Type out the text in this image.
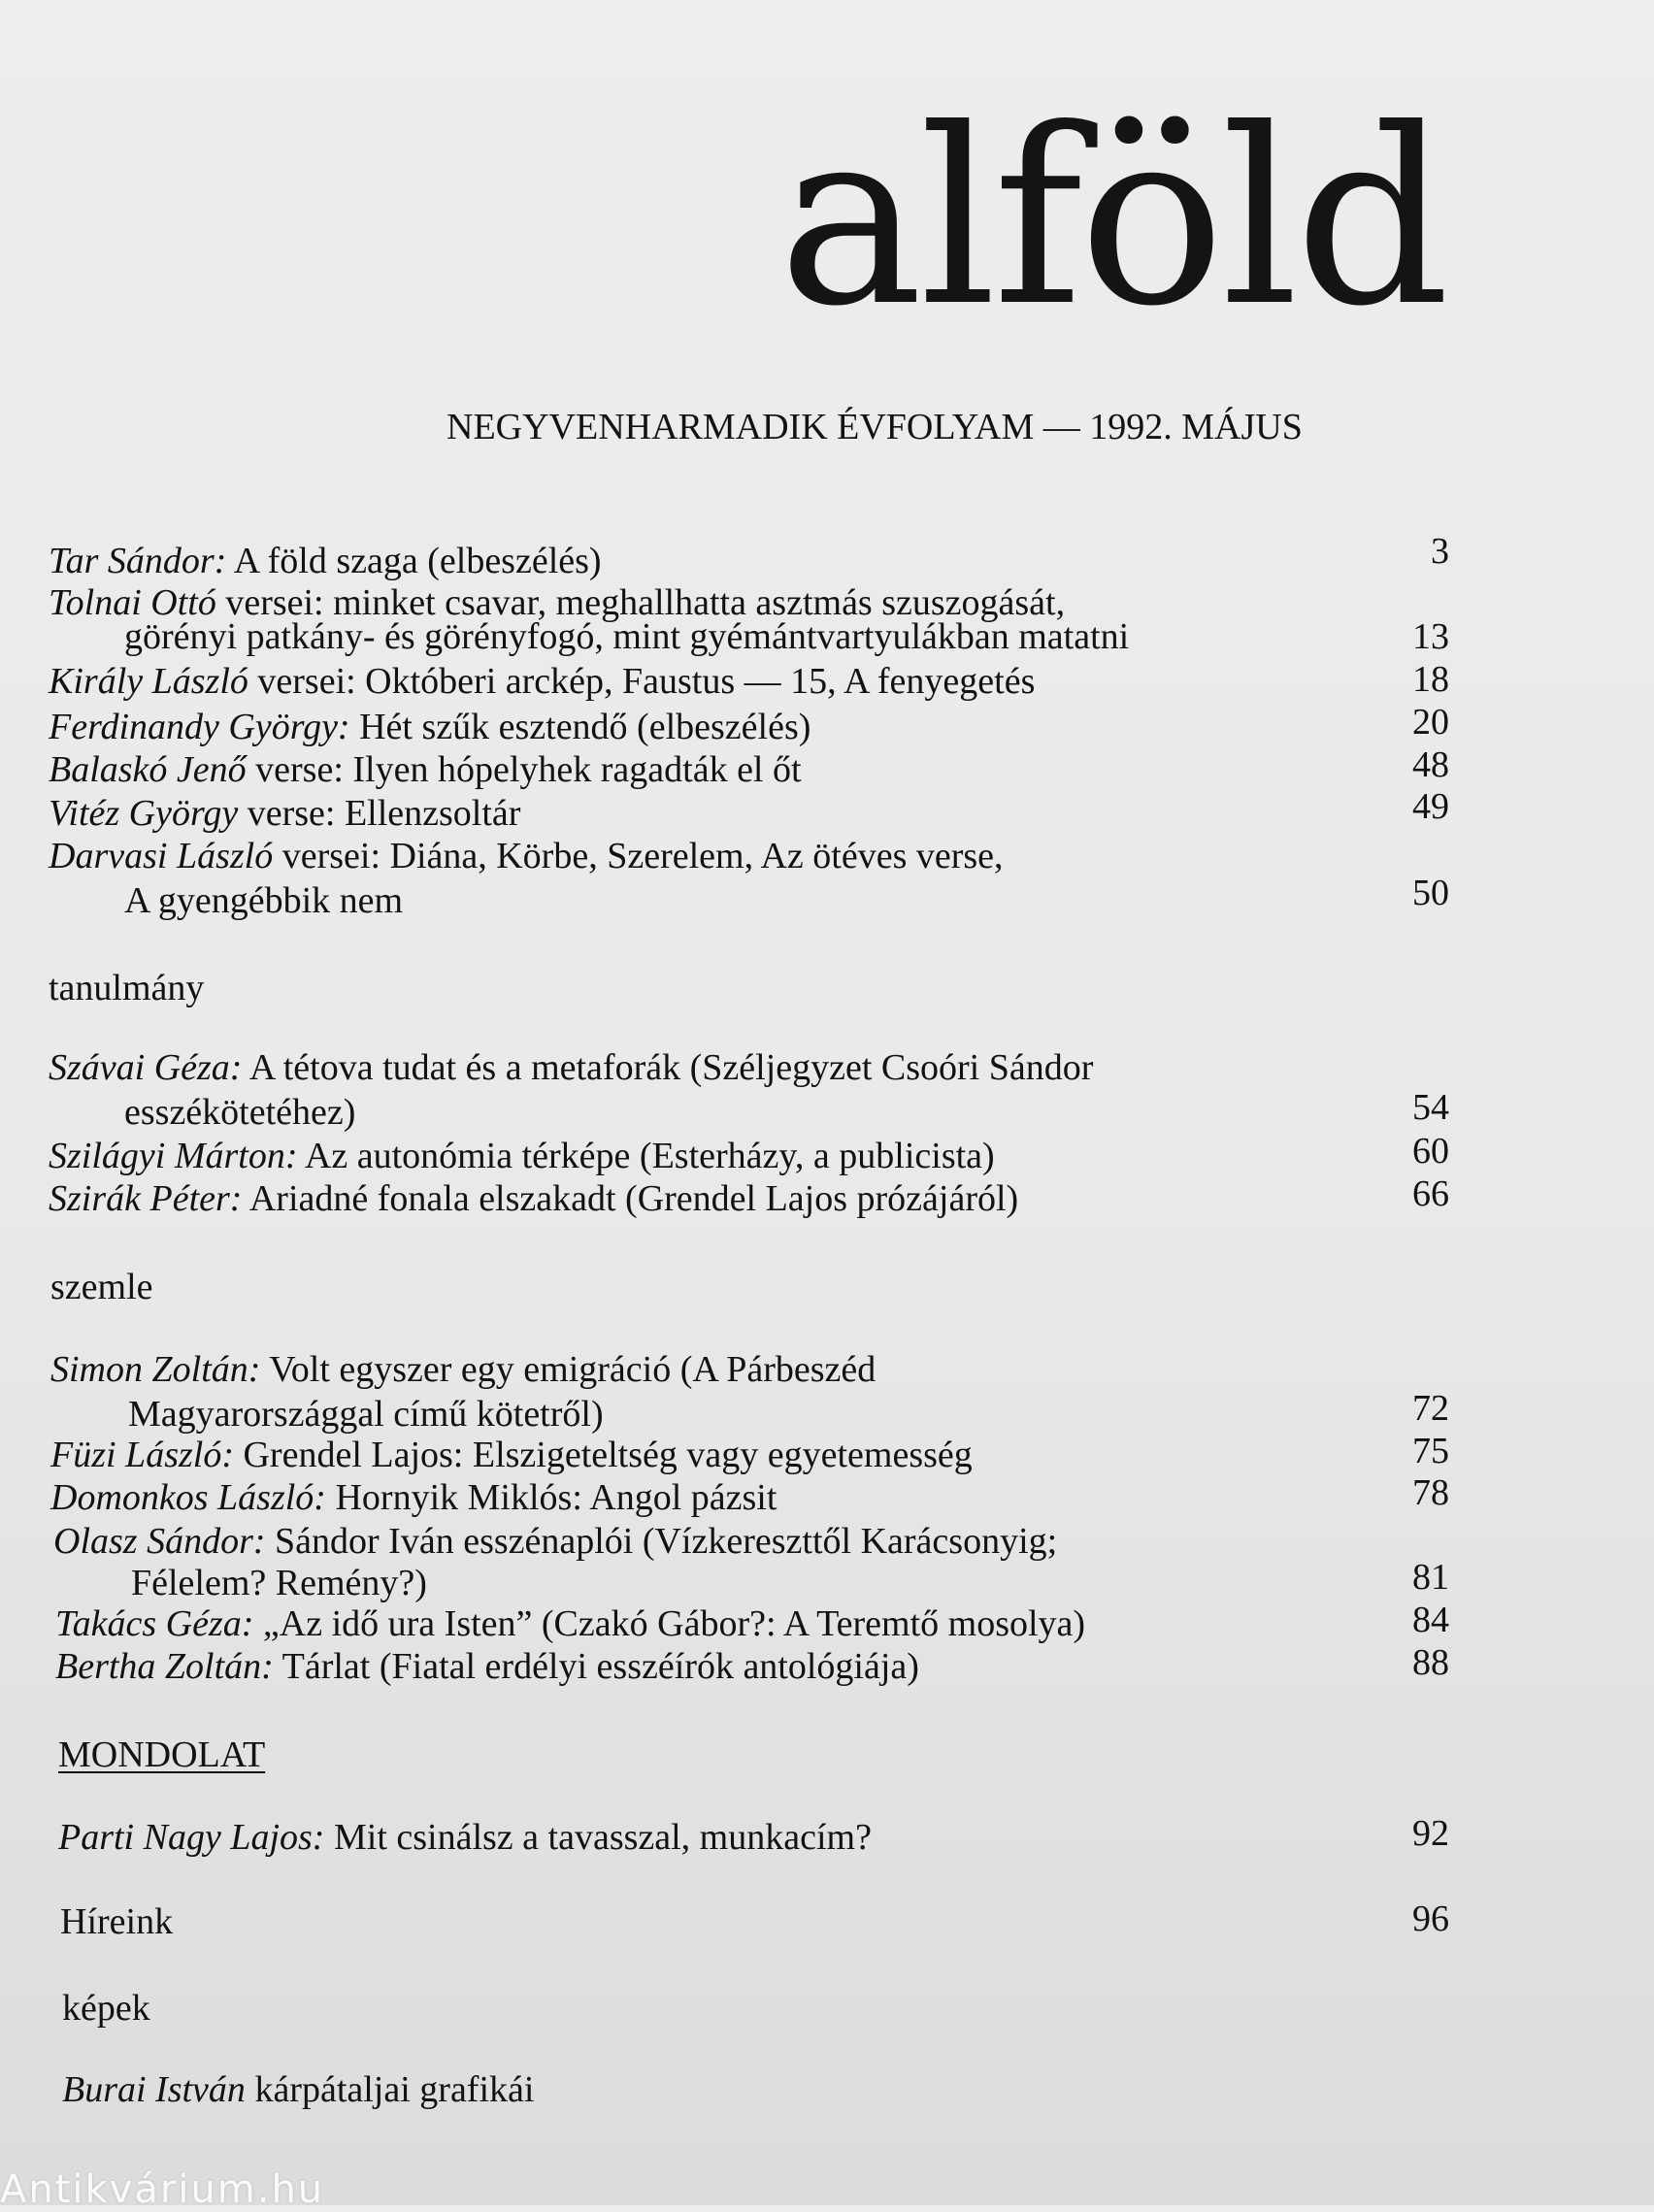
alföld
NEGYVENHARMADIK ÉVFOLYAM — 1992. MÁJUS
Tar Sándor: A föld szaga (elbeszélés)	3
Tolnai Ottó versei: minket csavar, meghallhatta asztmás szuszogását,
görényi patkány- és görényfogó, mint gyémántvartyulákban matatni	13
Király László versei: Októberi arckép, Faustus — 15, A fenyegetés	18
Ferdinandy György: Hét szűk esztendő (elbeszélés)	20
Balaskó Jenő verse: Ilyen hópelyhek ragadták el őt	48
Vitéz György verse: Ellenzsoltár	49
Darvasi László versei: Diána, Körbe, Szerelem, Az ötéves verse,
A gyengébbik nem	50
tanulmány
Szávai Géza: A tétova tudat és a metaforák (Széljegyzet Csoóri Sándor
esszékötetéhez)	54
Szilágyi Márton: Az autonómia térképe (Esterházy, a publicista)	60
Szirák Péter: Ariadné fonala elszakadt (Grendel Lajos prózájáról)	66
szemle
Simon Zoltán: Volt egyszer egy emigráció (A Párbeszéd
Magyarországgal című kötetről)	72
Füzi László: Grendel Lajos: Elszigeteltség vagy egyetemesség	75
Domonkos László: Hornyik Miklós: Angol pázsit	78
Olasz Sándor: Sándor Iván esszénaplói (Vízkereszttől Karácsonyig;
Félelem? Remény?)	81
Takács Géza: „Az idő ura Isten” (Czakó Gábor?: A Teremtő mosolya)	84
Bertha Zoltán: Tárlat (Fiatal erdélyi esszéírók antológiája)	88
MONDOLAT
Parti Nagy Lajos: Mit csinálsz a tavasszal, munkacím?	92
Híreink	96
képek
Burai István kárpátaljai grafikái
Antikvárium.hu
